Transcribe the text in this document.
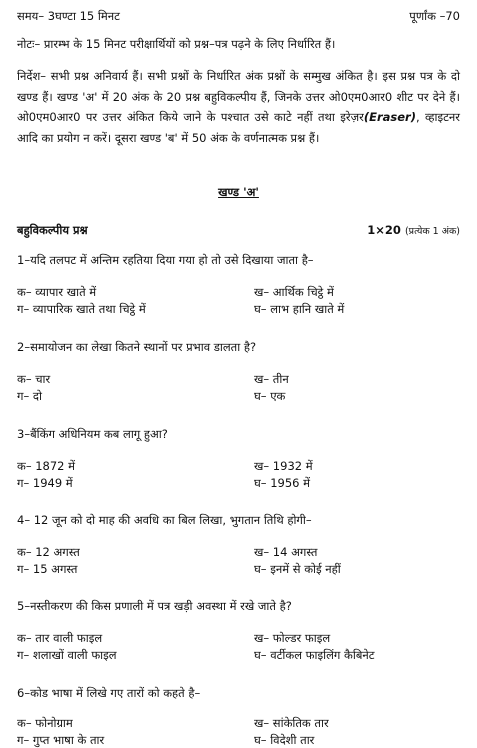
समय– 3घण्टा 15 मिनट	पूर्णांक –70
नोटः– प्रारम्भ के 15 मिनट परीक्षार्थियों को प्रश्न–पत्र पढ़ने के लिए निर्धारित हैं।
निर्देश– सभी प्रश्न अनिवार्य हैं। सभी प्रश्नों के निर्धारित अंक प्रश्नों के सम्मुख अंकित है। इस प्रश्न पत्र के दो खण्ड हैं। खण्ड 'अ' में 20 अंक के 20 प्रश्न बहुविकल्पीय हैं, जिनके उत्तर ओ0एम0आर0 शीट पर देने हैं। ओ0एम0आर0 पर उत्तर अंकित किये जाने के पश्चात उसे काटे नहीं तथा इरेज़र(Eraser), व्हाइटनर आदि का प्रयोग न करें। दूसरा खण्ड 'ब' में 50 अंक के वर्णनात्मक प्रश्न हैं।
खण्ड 'अ'
बहुविकल्पीय प्रश्न	1×20 (प्रत्येक 1 अंक)
1–यदि तलपट में अन्तिम रहतिया दिया गया हो तो उसे दिखाया जाता है–
क– व्यापार खाते में	ख– आर्थिक चिट्ठे में
ग– व्यापारिक खाते तथा चिट्ठे में	घ– लाभ हानि खाते में
2–समायोजन का लेखा कितने स्थानों पर प्रभाव डालता है?
क– चार	ख– तीन
ग– दो	घ– एक
3–बैंकिंग अधिनियम कब लागू हुआ?
क– 1872 में	ख– 1932 में
ग– 1949 में	घ– 1956 में
4– 12 जून को दो माह की अवधि का बिल लिखा, भुगतान तिथि होगी–
क– 12 अगस्त	ख– 14 अगस्त
ग– 15 अगस्त	घ– इनमें से कोई नहीं
5–नस्तीकरण की किस प्रणाली में पत्र खड़ी अवस्था में रखे जाते है?
क– तार वाली फाइल	ख– फोल्डर फाइल
ग– शलाखों वाली फाइल	घ– वर्टीकल फाइलिंग कैबिनेट
6–कोड भाषा में लिखे गए तारों को कहते है–
क– फोनोग्राम	ख– सांकेतिक तार
ग– गुप्त भाषा के तार	घ– विदेशी तार
